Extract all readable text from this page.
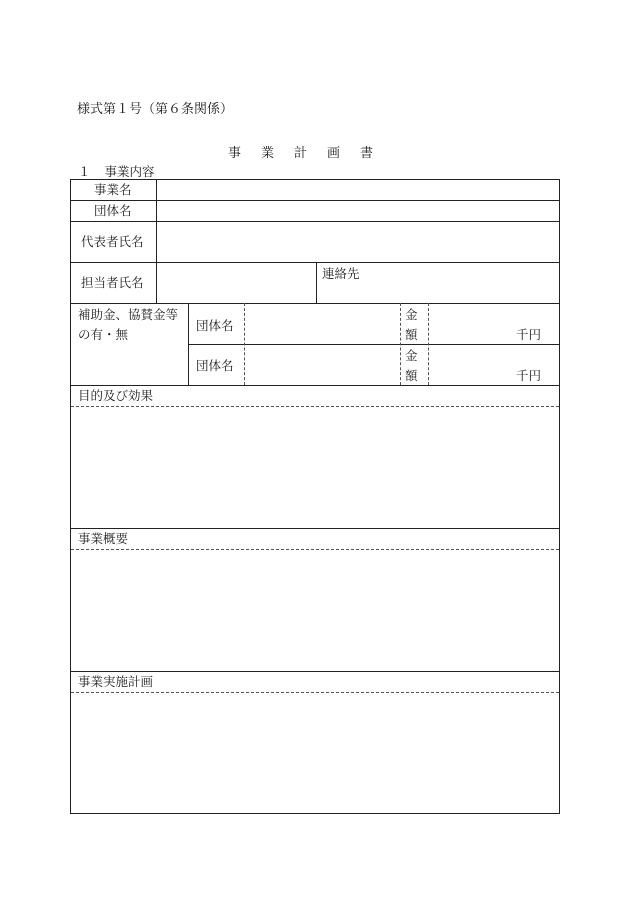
様式第１号（第６条関係）
事 業 計 画 書
１ 事業内容
事業名
団体名
代表者氏名
担当者氏名
連絡先
補助金、協賛金等
の有・無
団体名
金
額	千円
団体名
金
額	千円
目的及び効果
事業概要
事業実施計画
